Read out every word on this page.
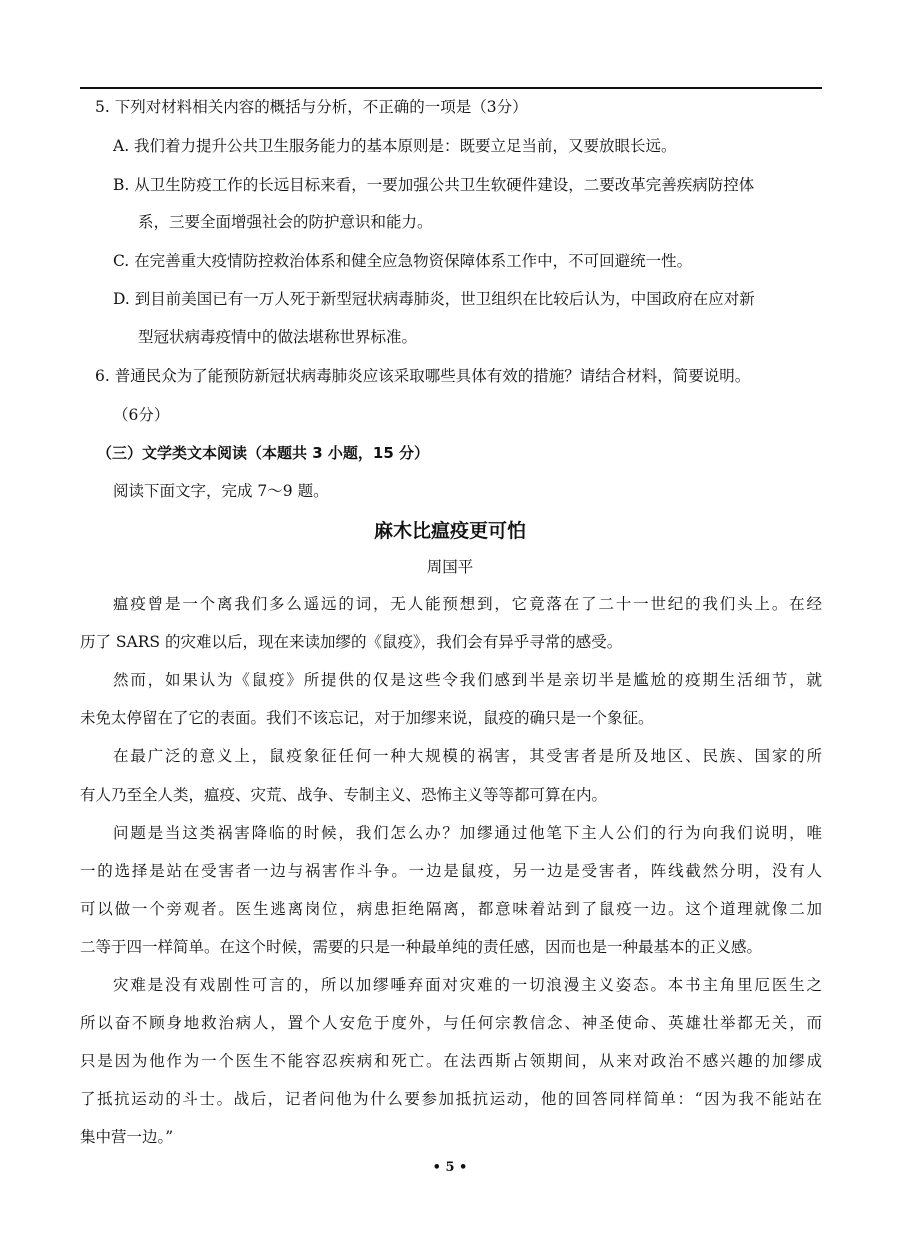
5. 下列对材料相关内容的概括与分析，不正确的一项是（3分）
A. 我们着力提升公共卫生服务能力的基本原则是：既要立足当前，又要放眼长远。
B. 从卫生防疫工作的长远目标来看，一要加强公共卫生软硬件建设，二要改革完善疾病防控体
系，三要全面增强社会的防护意识和能力。
C. 在完善重大疫情防控救治体系和健全应急物资保障体系工作中，不可回避统一性。
D. 到目前美国已有一万人死于新型冠状病毒肺炎，世卫组织在比较后认为，中国政府在应对新
型冠状病毒疫情中的做法堪称世界标准。
6. 普通民众为了能预防新冠状病毒肺炎应该采取哪些具体有效的措施？请结合材料，简要说明。
（6分）
（三）文学类文本阅读（本题共 3 小题，15 分）
阅读下面文字，完成 7～9 题。
麻木比瘟疫更可怕
周国平
瘟疫曾是一个离我们多么遥远的词，无人能预想到，它竟落在了二十一世纪的我们头上。在经
历了 SARS 的灾难以后，现在来读加缪的《鼠疫》，我们会有异乎寻常的感受。
然而，如果认为《鼠疫》所提供的仅是这些令我们感到半是亲切半是尴尬的疫期生活细节，就
未免太停留在了它的表面。我们不该忘记，对于加缪来说，鼠疫的确只是一个象征。
在最广泛的意义上，鼠疫象征任何一种大规模的祸害，其受害者是所及地区、民族、国家的所
有人乃至全人类，瘟疫、灾荒、战争、专制主义、恐怖主义等等都可算在内。
问题是当这类祸害降临的时候，我们怎么办？加缪通过他笔下主人公们的行为向我们说明，唯
一的选择是站在受害者一边与祸害作斗争。一边是鼠疫，另一边是受害者，阵线截然分明，没有人
可以做一个旁观者。医生逃离岗位，病患拒绝隔离，都意味着站到了鼠疫一边。这个道理就像二加
二等于四一样简单。在这个时候，需要的只是一种最单纯的责任感，因而也是一种最基本的正义感。
灾难是没有戏剧性可言的，所以加缪唾弃面对灾难的一切浪漫主义姿态。本书主角里厄医生之
所以奋不顾身地救治病人，置个人安危于度外，与任何宗教信念、神圣使命、英雄壮举都无关，而
只是因为他作为一个医生不能容忍疾病和死亡。在法西斯占领期间，从来对政治不感兴趣的加缪成
了抵抗运动的斗士。战后，记者问他为什么要参加抵抗运动，他的回答同样简单：“因为我不能站在
集中营一边。”
• 5 •
